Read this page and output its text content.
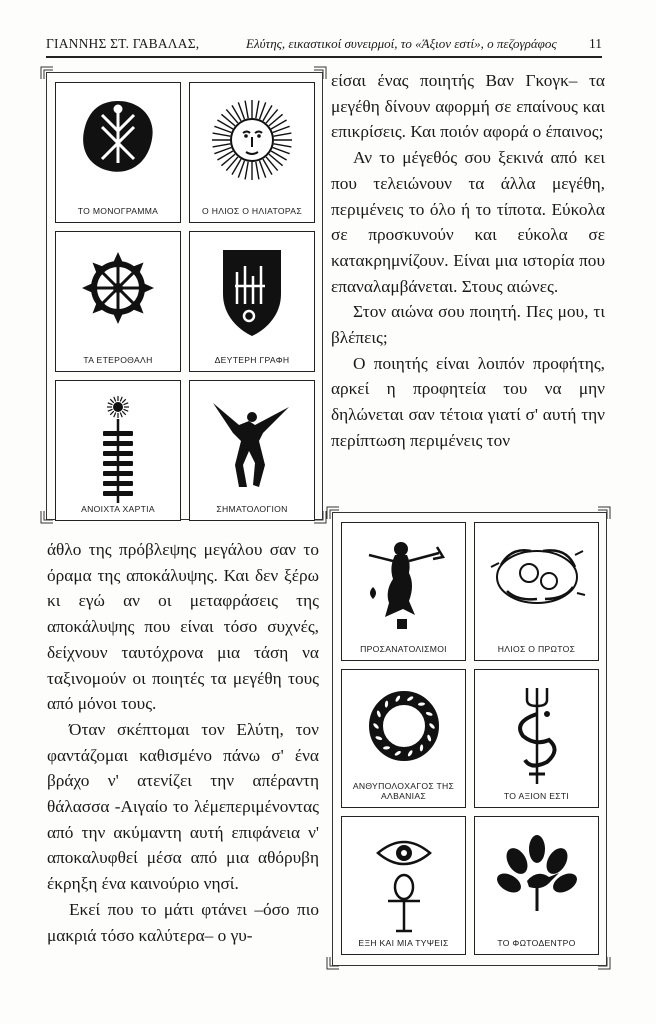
ΓΙΑΝΝΗΣ ΣΤ. ΓΑΒΑΛΑΣ,	Ελύτης, εικαστικοί συνειρμοί, το «Άξιον εστί», ο πεζογράφος 11

είσαι ένας ποιητής Βαν Γκογκ– τα μεγέθη δίνουν αφορμή σε επαίνους και επικρίσεις. Και ποιόν αφορά ο έπαινος;

Αν το μέγεθός σου ξεκινά από κει που τελειώνουν τα άλλα μεγέθη, περιμένεις το όλο ή το τίποτα. Εύκολα σε προσκυνούν και εύκολα σε κατακρημνίζουν. Είναι μια ιστορία που επαναλαμβάνεται. Στους αιώνες.

Στον αιώνα σου ποιητή. Πες μου, τι βλέπεις;

Ο ποιητής είναι λοιπόν προφήτης, αρκεί η προφητεία του να μην δηλώνεται σαν τέτοια γιατί σ' αυτή την περίπτωση περιμένεις τον

άθλο της πρόβλεψης μεγάλου σαν το όραμα της αποκάλυψης. Και δεν ξέρω κι εγώ αν οι μεταφράσεις της αποκάλυψης που είναι τόσο συχνές, δείχνουν ταυτόχρονα μια τάση να ταξινομούν οι ποιητές τα μεγέθη τους από μόνοι τους.

Όταν σκέπτομαι τον Ελύτη, τον φαντάζομαι καθισμένο πάνω σ' ένα βράχο ν' ατενίζει την απέραντη θάλασσα -Αιγαίο το λέμεπεριμένοντας από την ακύμαντη αυτή επιφάνεια ν' αποκαλυφθεί μέσα από μια αθόρυβη έκρηξη ένα καινούριο νησί.

Εκεί που το μάτι φτάνει –όσο πιο μακριά τόσο καλύτερα– ο γυ-

ΤΟ ΜΟΝΟΓΡΑΜΜΑ	Ο ΗΛΙΟΣ Ο ΗΛΙΑΤΟΡΑΣ
ΤΑ ΕΤΕΡΟΘΑΛΗ	ΔΕΥΤΕΡΗ ΓΡΑΦΗ
ΑΝΟΙΧΤΑ ΧΑΡΤΙΑ	ΣΗΜΑΤΟΛΟΓΙΟΝ
ΠΡΟΣΑΝΑΤΟΛΙΣΜΟΙ	ΗΛΙΟΣ Ο ΠΡΩΤΟΣ
ΑΝΘΥΠΟΛΟΧΑΓΟΣ ΤΗΣ ΑΛΒΑΝΙΑΣ	ΤΟ ΑΞΙΟΝ ΕΣΤΙ
ΕΞΗ ΚΑΙ ΜΙΑ ΤΥΨΕΙΣ	ΤΟ ΦΩΤΟΔΕΝΤΡΟ
